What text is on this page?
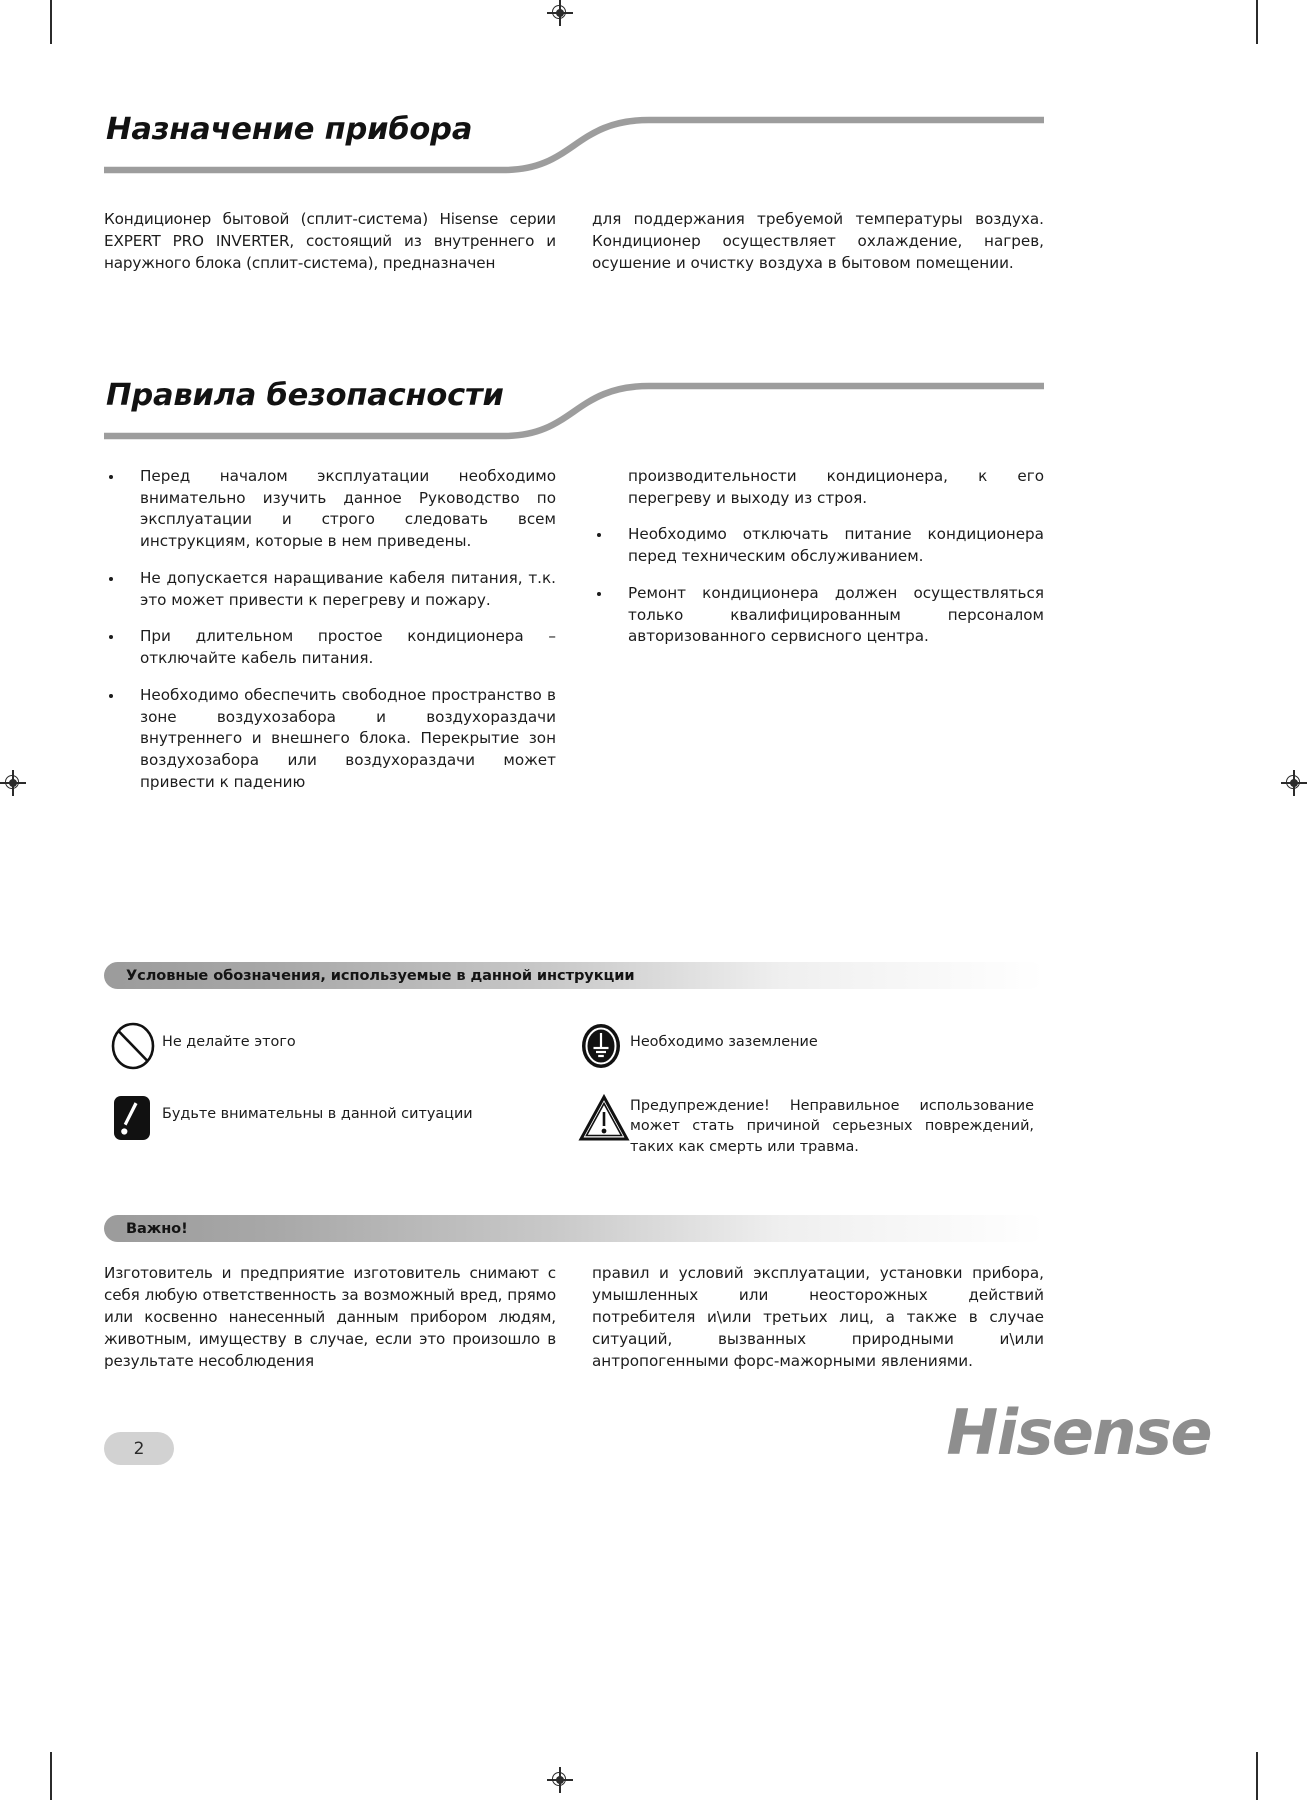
Назначение прибора

Кондиционер бытовой (сплит-система) Hisense серии EXPERT PRO INVERTER, состоящий из внутреннего и наружного блока (сплит-система), предназначен

для поддержания требуемой температуры воздуха. Кондиционер осуществляет охлаждение, нагрев, осушение и очистку воздуха в бытовом помещении.

Правила безопасности
Перед началом эксплуатации необходимо внимательно изучить данное Руководство по эксплуатации и строго следовать всем инструкциям, которые в нем приведены.
Не допускается наращивание кабеля питания, т.к. это может привести к перегреву и пожару.
При длительном простое кондиционера – отключайте кабель питания.
Необходимо обеспечить свободное пространство в зоне воздухозабора и воздухораздачи внутреннего и внешнего блока. Перекрытие зон воздухозабора или воздухораздачи может привести к падению
производительности кондиционера, к его перегреву и выходу из строя.
Необходимо отключать питание кондиционера перед техническим обслуживанием.
Ремонт кондиционера должен осуществляться только квалифицированным персоналом авторизованного сервисного центра.
Условные обозначения, используемые в данной инструкции
Не делайте этого	Необходимо заземление
Будьте внимательны в данной ситуации	Предупреждение! Неправильное использование может стать причиной серьезных повреждений, таких как смерть или травма.
Важно!

Изготовитель и предприятие изготовитель снимают с себя любую ответственность за возможный вред, прямо или косвенно нанесенный данным прибором людям, животным, имуществу в случае, если это произошло в результате несоблюдения

правил и условий эксплуатации, установки прибора, умышленных или неосторожных действий потребителя и\или третьих лиц, а также в случае ситуаций, вызванных природными и\или антропогенными форс-мажорными явлениями.

2	Hisense
